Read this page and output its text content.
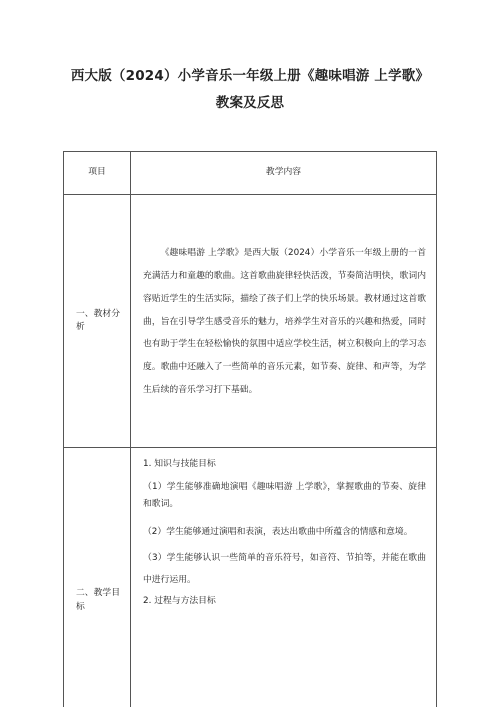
西大版（2024）小学音乐一年级上册《趣味唱游 上学歌》
教案及反思
项目	教学内容
一、教材分析	《趣味唱游 上学歌》是西大版（2024）小学音乐一年级上册的一首充满活力和童趣的歌曲。这首歌曲旋律轻快活泼，节奏简洁明快，歌词内容贴近学生的生活实际，描绘了孩子们上学的快乐场景。教材通过这首歌曲，旨在引导学生感受音乐的魅力，培养学生对音乐的兴趣和热爱，同时也有助于学生在轻松愉快的氛围中适应学校生活，树立积极向上的学习态度。歌曲中还融入了一些简单的音乐元素，如节奏、旋律、和声等，为学生后续的音乐学习打下基础。

二、教学目标	1. 知识与技能目标

（1）学生能够准确地演唱《趣味唱游 上学歌》，掌握歌曲的节奏、旋律和歌词。

（2）学生能够通过演唱和表演，表达出歌曲中所蕴含的情感和意境。

（3）学生能够认识一些简单的音乐符号，如音符、节拍等，并能在歌曲中进行运用。

2. 过程与方法目标
